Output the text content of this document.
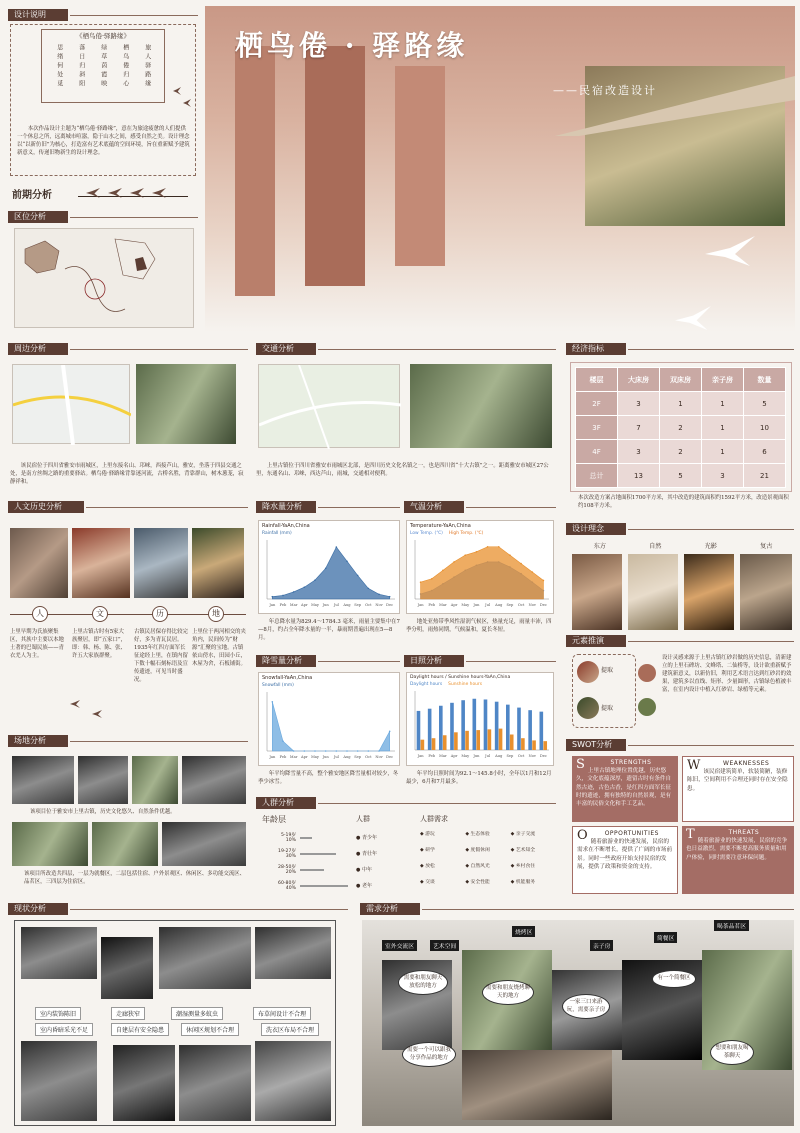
设计说明
《栖鸟倦·驿路缘》
思绪何处觅	落日归斜阳	绿草茵霞映	栖鸟倦归心	旅人驿路缘
本次作品设计主题为“栖鸟倦·驿路缘”，意在为旅途疲惫的人们提供一个休息之所，远离城市喧嚣，隐于山水之间，感受自然之美。设计理念以“以新仿旧”为核心，打造富有艺术底蕴的空间环境，旨在重新赋予建筑新意义，传递旧物新生的设计理念。
前期分析
区位分析
栖鸟倦 · 驿路缘
——民宿改造设计
周边分析
该民宿位于四川省雅安市雨城区，上里东接名山、邛崃，西接芦山，雅安，坐落于四县交通之处，是南方丝绸之路的重要驿站。栖鸟倦·驿路缘背靠迷河流，古桥名胜，背靠群山，树木葱茏，寂静祥和。
交通分析
上里古镇位于四川省雅安市雨城区北部，是四川历史文化名镇之一，也是四川省“十大古镇”之一。距离雅安市城区27公里，东通名山、邛崃，西达芦山，雨城，交通相对便利。
经济指标
楼层	大床房	双床房	亲子房	数量
2F	3	1	1	5
3F	7	2	1	10
4F	3	2	1	6
总计	13	5	3	21
本次改造方案占地面积1700平方米，其中改造的建筑面积约1592平方米，改造景观面积约108平方米。
人文历史分析
人	文	历	地
上里早期为氏族聚集区，其族中主要以本地土著的巴蜀民族——青衣羌人为主。
上里古镇古时有5家大族聚居，即“五家口”，即：韩、杨、陈、张、许五大家族群聚。
古镇民居保存得比较完好，多为青瓦民居。1935年红四方面军长征途经上里，在镇内留下数十幅石刻标语及宣传遗迹，可见当时盛况。
上里位于两河相交的夹角内，民间传为“财源”汇聚的宝地。古镇依山傍水，田园小丘，木屋为舍，石板铺街。
降水量分析
Rainfall-YaAn,China
Rainfall (mm)
Jan Feb Mar Apr May Jun Jul Aug Sep Oct Nov Dec
年总降水量为829.4～1784.3 毫米，雨量主要集中在7—8月，约占全年降水量的一半，暴雨期普遍出现在5—8月。
气温分析
Temperature-YaAn,China
Low Temp. (℃) High Temp. (℃)
Jan Feb Mar Apr May Jun Jul Aug Sep Oct Nov Dec
地处亚热带季风性湿润气候区，热量充足，雨量丰沛，四季分明，雨热同期，气候温和，夏长冬短。
设计理念
东方	自然	光影	复古
降雪量分析
Snowfall-YaAn,China
Snowfall (mm)
Jan Feb Mar Apr May Jun Jul Aug Sep Oct Nov Dec
年平均降雪量不高，整个雅安地区降雪量相对较少，冬季少冰雪。
日照分析
Daylight hours / Sunshine hours-YaAn,China
Daylight hours Sunshine hours
Jan Feb Mar Apr May Jun Jul Aug Sep Oct Nov Dec
年平均日照时间为92.1～145.8小时，全年以1月和12月最少，6月和7月最多。
元素推演
提取
提取
设计灵感来源于上里古镇红砂岩做的历史信息，清新建立的上里石碑坊、文峰塔、二仙桥等，设计欲重新赋予建筑新意义，以新仿旧，利用艺术语言达到红砂岩的效果，建筑多以直线、矩形、少量圆形，古镇绿色植被丰富，在室内设计中植入红砂岩、绿植等元素。
场地分析
该项目位于雅安市上里古镇，历史文化悠久、自然条件优越。
该项目所改造共四层，一层为就餐区，二层包括住宿、户外景观区、休闲区、多功能交流区、品茗区，三四层为住宿区。
人群分析
年龄层
5-19岁
10%
19-27岁
30%
28-50岁
20%
60-80岁
40%
人群
● 青少年
● 青壮年
● 中年
● 老年
人群需求
◆ 游玩	◆ 生态体验	◆ 亲子交流
◆ 研学	◆ 度假休闲	◆ 艺术知全
◆ 放松	◆ 自然风光	◆ 乡村食住
◆ 交谈	◆ 安全性能	◆ 机能服务
SWOT分析
S	STRENGTHS
上里古镇地理位置优越，历史悠久，文化底蕴深厚，遗留古时有条件自然古迹，古色古香，是红四方面军长征时的遗迹，拥有独特的自然景观，是有丰富的民俗文化和手工艺品。
W	WEAKNESSES
该民宿建筑简单，软装简陋，装修陈旧，空间利用不合理还同时存在安全隐患。
O	OPPORTUNITIES
随着旅游业的快速发展，民宿的需求在不断增长，提供了广阔的市场前景。同时一些政府开始支持民宿的发展，提供了政策和资金的支持。
T	THREATS
随着旅游业的快速发展，民宿的竞争也日益激烈，需要不断提高服务质量和用户体验，同时需要注意环保问题。
现状分析
室内装饰陈旧	走廊狭窄	潮湿测量多蚊虫	布草间设计不合理
室内昏暗采光不足	自建层有安全隐患	休闲区规划不合理	洗衣区布局不合理
需求分析
室外交流区	艺术空间
烧烤区
亲子房
简餐区
喝茶品茗区
需要和朋友聊天放松的地方	需要和朋友烧烤聊天的地方
一家三口来游玩，需要亲子房
有一个简餐区
需要一个可以跟我分享作品的地方
想要和朋友喝茶聊天
